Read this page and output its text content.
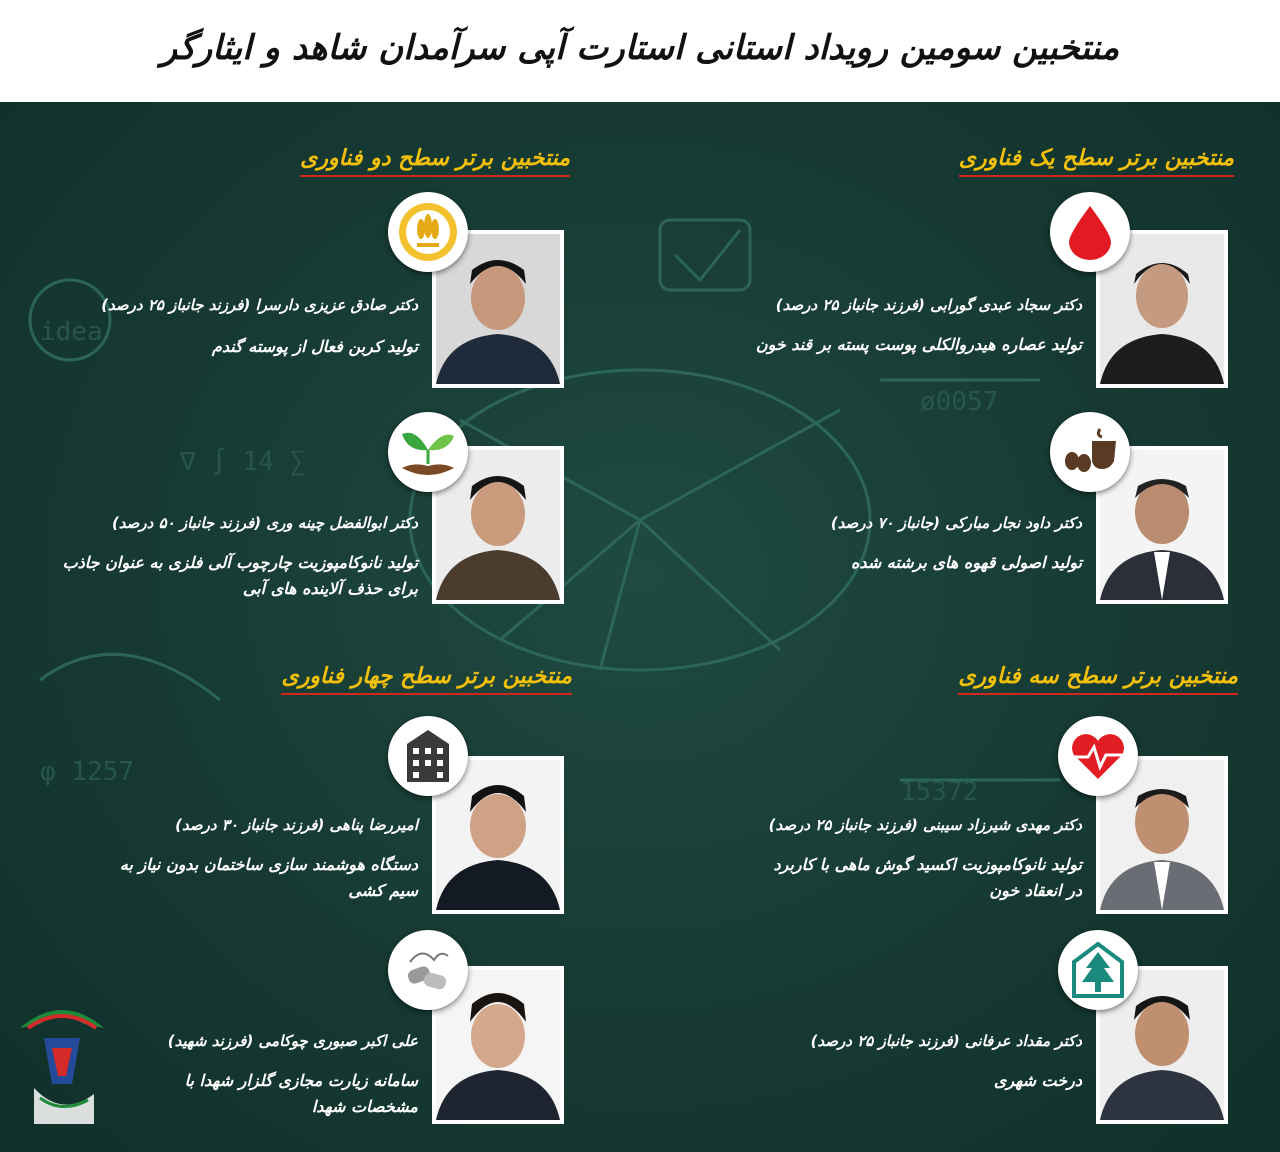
ø0057
φ 1257
15372
∇ ∫ 14 ∑
idea
منتخبین سومین رویداد استانی استارت آپی سرآمدان شاهد و ایثارگر
منتخبین برتر سطح یک فناوری
منتخبین برتر سطح دو فناوری
منتخبین برتر سطح سه فناوری
منتخبین برتر سطح چهار فناوری
دکتر سجاد عبدی گورابی (فرزند جانباز ۲۵ درصد)
تولید عصاره هیدروالکلی پوست پسته بر قند خون
دکتر داود نجار مبارکی (جانباز ۷۰ درصد)
تولید اصولی قهوه های برشته شده
دکتر صادق عزیزی دارسرا (فرزند جانباز ۲۵ درصد)
تولید کربن فعال از پوسته گندم
دکتر ابوالفضل چینه وری (فرزند جانباز ۵۰ درصد)
تولید نانوکامپوزیت چارچوب آلی فلزی به عنوان جاذب برای حذف آلاینده های آبی
دکتر مهدی شیرزاد سیبنی (فرزند جانباز ۲۵ درصد)
تولید نانوکامپوزیت اکسید گوش ماهی با کاربرد در انعقاد خون
دکتر مقداد عرفانی (فرزند جانباز ۲۵ درصد)
درخت شهری
امیررضا پناهی (فرزند جانباز ۳۰ درصد)
دستگاه هوشمند سازی ساختمان بدون نیاز به سیم کشی
علی اکبر صبوری چوکامی (فرزند شهید)
سامانه زیارت مجازی گلزار شهدا با مشخصات شهدا
